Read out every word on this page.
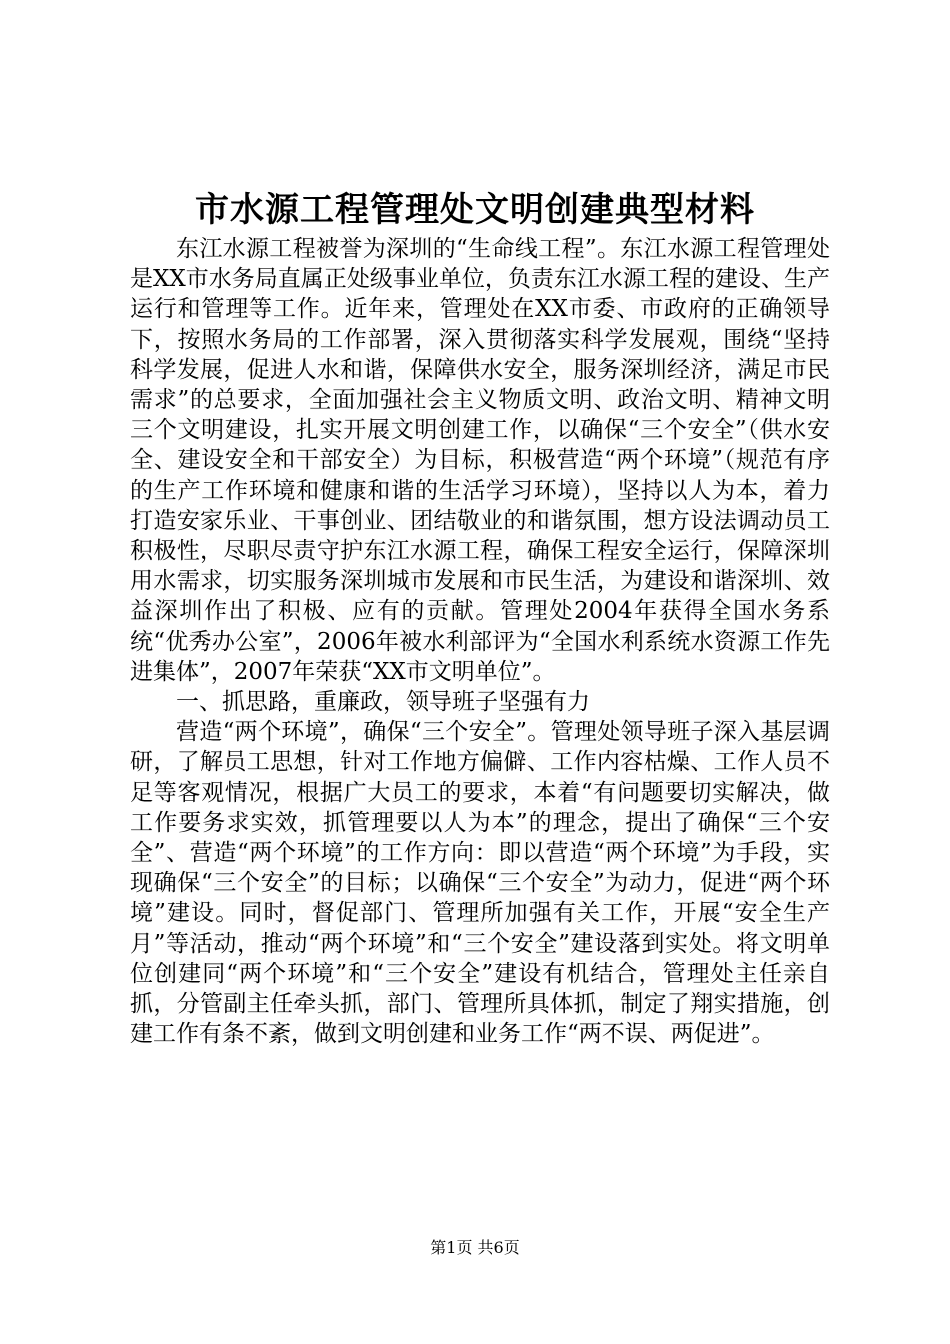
市水源工程管理处文明创建典型材料

东江水源工程被誉为深圳的“生命线工程”。东江水源工程管理处是XX市水务局直属正处级事业单位，负责东江水源工程的建设、生产运行和管理等工作。近年来，管理处在XX市委、市政府的正确领导下，按照水务局的工作部署，深入贯彻落实科学发展观，围绕“坚持科学发展，促进人水和谐，保障供水安全，服务深圳经济，满足市民需求”的总要求，全面加强社会主义物质文明、政治文明、精神文明三个文明建设，扎实开展文明创建工作，以确保“三个安全”（供水安全、建设安全和干部安全）为目标，积极营造“两个环境”（规范有序的生产工作环境和健康和谐的生活学习环境），坚持以人为本，着力打造安家乐业、干事创业、团结敬业的和谐氛围，想方设法调动员工积极性，尽职尽责守护东江水源工程，确保工程安全运行，保障深圳用水需求，切实服务深圳城市发展和市民生活，为建设和谐深圳、效益深圳作出了积极、应有的贡献。管理处2004年获得全国水务系统“优秀办公室”，2006年被水利部评为“全国水利系统水资源工作先进集体”，2007年荣获“XX市文明单位”。

一、抓思路，重廉政，领导班子坚强有力

营造“两个环境”，确保“三个安全”。管理处领导班子深入基层调研，了解员工思想，针对工作地方偏僻、工作内容枯燥、工作人员不足等客观情况，根据广大员工的要求，本着“有问题要切实解决，做工作要务求实效，抓管理要以人为本”的理念，提出了确保“三个安全”、营造“两个环境”的工作方向：即以营造“两个环境”为手段，实现确保“三个安全”的目标；以确保“三个安全”为动力，促进“两个环境”建设。同时，督促部门、管理所加强有关工作，开展“安全生产月”等活动，推动“两个环境”和“三个安全”建设落到实处。将文明单位创建同“两个环境”和“三个安全”建设有机结合，管理处主任亲自抓，分管副主任牵头抓，部门、管理所具体抓，制定了翔实措施，创建工作有条不紊，做到文明创建和业务工作“两不误、两促进”。

第1页 共6页
